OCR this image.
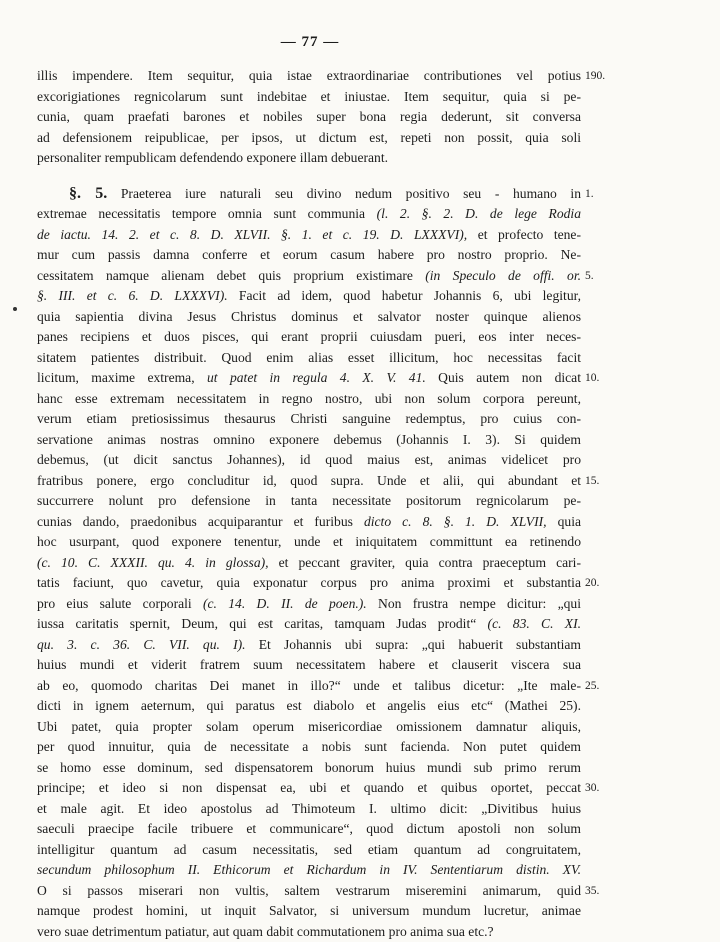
— 77 —
illis impendere. Item sequitur, quia istae extraordinariae contributiones vel potius 190.
excorigiationes regnicolarum sunt indebitae et iniustae. Item sequitur, quia si pe-
cunia, quam praefati barones et nobiles super bona regia dederunt, sit conversa
ad defensionem reipublicae, per ipsos, ut dictum est, repeti non possit, quia soli
personaliter rempublicam defendendo exponere illam debuerant.
§. 5. Praeterea iure naturali seu divino nedum positivo seu - humano in 1.
extremae necessitatis tempore omnia sunt communia (l. 2. §. 2. D. de lege Rodia
de iactu. 14. 2. et c. 8. D. XLVII. §. 1. et c. 19. D. LXXXVI), et profecto tene-
mur cum passis damna conferre et eorum casum habere pro nostro proprio. Ne-
cessitatem namque alienam debet quis proprium existimare (in Speculo de offi. or. 5.
§. III. et c. 6. D. LXXXVI). Facit ad idem, quod habetur Johannis 6, ubi legitur,
quia sapientia divina Jesus Christus dominus et salvator noster quinque alienos
panes recipiens et duos pisces, qui erant proprii cuiusdam pueri, eos inter neces-
sitatem patientes distribuit. Quod enim alias esset illicitum, hoc necessitas facit
licitum, maxime extrema, ut patet in regula 4. X. V. 41. Quis autem non dicat 10.
hanc esse extremam necessitatem in regno nostro, ubi non solum corpora pereunt,
verum etiam pretiosissimus thesaurus Christi sanguine redemptus, pro cuius con-
servatione animas nostras omnino exponere debemus (Johannis I. 3). Si quidem
debemus, (ut dicit sanctus Johannes), id quod maius est, animas videlicet pro
fratribus ponere, ergo concluditur id, quod supra. Unde et alii, qui abundant et 15.
succurrere nolunt pro defensione in tanta necessitate positorum regnicolarum pe-
cunias dando, praedonibus acquiparantur et furibus dicto c. 8. §. 1. D. XLVII, quia
hoc usurpant, quod exponere tenentur, unde et iniquitatem committunt ea retinendo
(c. 10. C. XXXII. qu. 4. in glossa), et peccant graviter, quia contra praeceptum cari-
tatis faciunt, quo cavetur, quia exponatur corpus pro anima proximi et substantia 20.
pro eius salute corporali (c. 14. D. II. de poen.). Non frustra nempe dicitur: „qui
iussa caritatis spernit, Deum, qui est caritas, tamquam Judas prodit“ (c. 83. C. XI.
qu. 3. c. 36. C. VII. qu. I). Et Johannis ubi supra: „qui habuerit substantiam
huius mundi et viderit fratrem suum necessitatem habere et clauserit viscera sua
ab eo, quomodo charitas Dei manet in illo?“ unde et talibus dicetur: „Ite male- 25.
dicti in ignem aeternum, qui paratus est diabolo et angelis eius etc“ (Mathei 25).
Ubi patet, quia propter solam operum misericordiae omissionem damnatur aliquis,
per quod innuitur, quia de necessitate a nobis sunt facienda. Non putet quidem
se homo esse dominum, sed dispensatorem bonorum huius mundi sub primo rerum
principe; et ideo si non dispensat ea, ubi et quando et quibus oportet, peccat 30.
et male agit. Et ideo apostolus ad Thimoteum I. ultimo dicit: „Divitibus huius
saeculi praecipe facile tribuere et communicare“, quod dictum apostoli non solum
intelligitur quantum ad casum necessitatis, sed etiam quantum ad congruitatem,
secundum philosophum II. Ethicorum et Richardum in IV. Sententiarum distin. XV.
O si passos miserari non vultis, saltem vestrarum miseremini animarum, quid 35.
namque prodest homini, ut inquit Salvator, si universum mundum lucretur, animae
vero suae detrimentum patiatur, aut quam dabit commutationem pro anima sua etc.?
